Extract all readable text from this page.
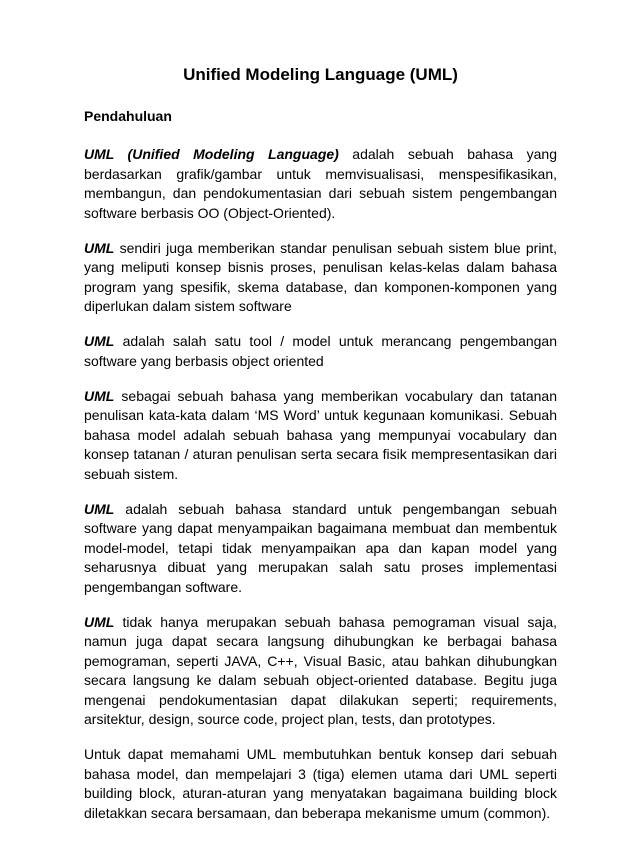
Unified Modeling Language (UML)
Pendahuluan

UML (Unified Modeling Language) adalah sebuah bahasa yang berdasarkan grafik/gambar untuk memvisualisasi, menspesifikasikan, membangun, dan pendokumentasian dari sebuah sistem pengembangan software berbasis OO (Object-Oriented).

UML sendiri juga memberikan standar penulisan sebuah sistem blue print, yang meliputi konsep bisnis proses, penulisan kelas-kelas dalam bahasa program yang spesifik, skema database, dan komponen-komponen yang diperlukan dalam sistem software

UML adalah salah satu tool / model untuk merancang pengembangan software yang berbasis object oriented

UML sebagai sebuah bahasa yang memberikan vocabulary dan tatanan penulisan kata-kata dalam ‘MS Word’ untuk kegunaan komunikasi. Sebuah bahasa model adalah sebuah bahasa yang mempunyai vocabulary dan konsep tatanan / aturan penulisan serta secara fisik mempresentasikan dari sebuah sistem.

UML adalah sebuah bahasa standard untuk pengembangan sebuah software yang dapat menyampaikan bagaimana membuat dan membentuk model-model, tetapi tidak menyampaikan apa dan kapan model yang seharusnya dibuat yang merupakan salah satu proses implementasi pengembangan software.

UML tidak hanya merupakan sebuah bahasa pemograman visual saja, namun juga dapat secara langsung dihubungkan ke berbagai bahasa pemograman, seperti JAVA, C++, Visual Basic, atau bahkan dihubungkan secara langsung ke dalam sebuah object-oriented database. Begitu juga mengenai pendokumentasian dapat dilakukan seperti; requirements, arsitektur, design, source code, project plan, tests, dan prototypes.

Untuk dapat memahami UML membutuhkan bentuk konsep dari sebuah bahasa model, dan mempelajari 3 (tiga) elemen utama dari UML seperti building block, aturan-aturan yang menyatakan bagaimana building block diletakkan secara bersamaan, dan beberapa mekanisme umum (common).
